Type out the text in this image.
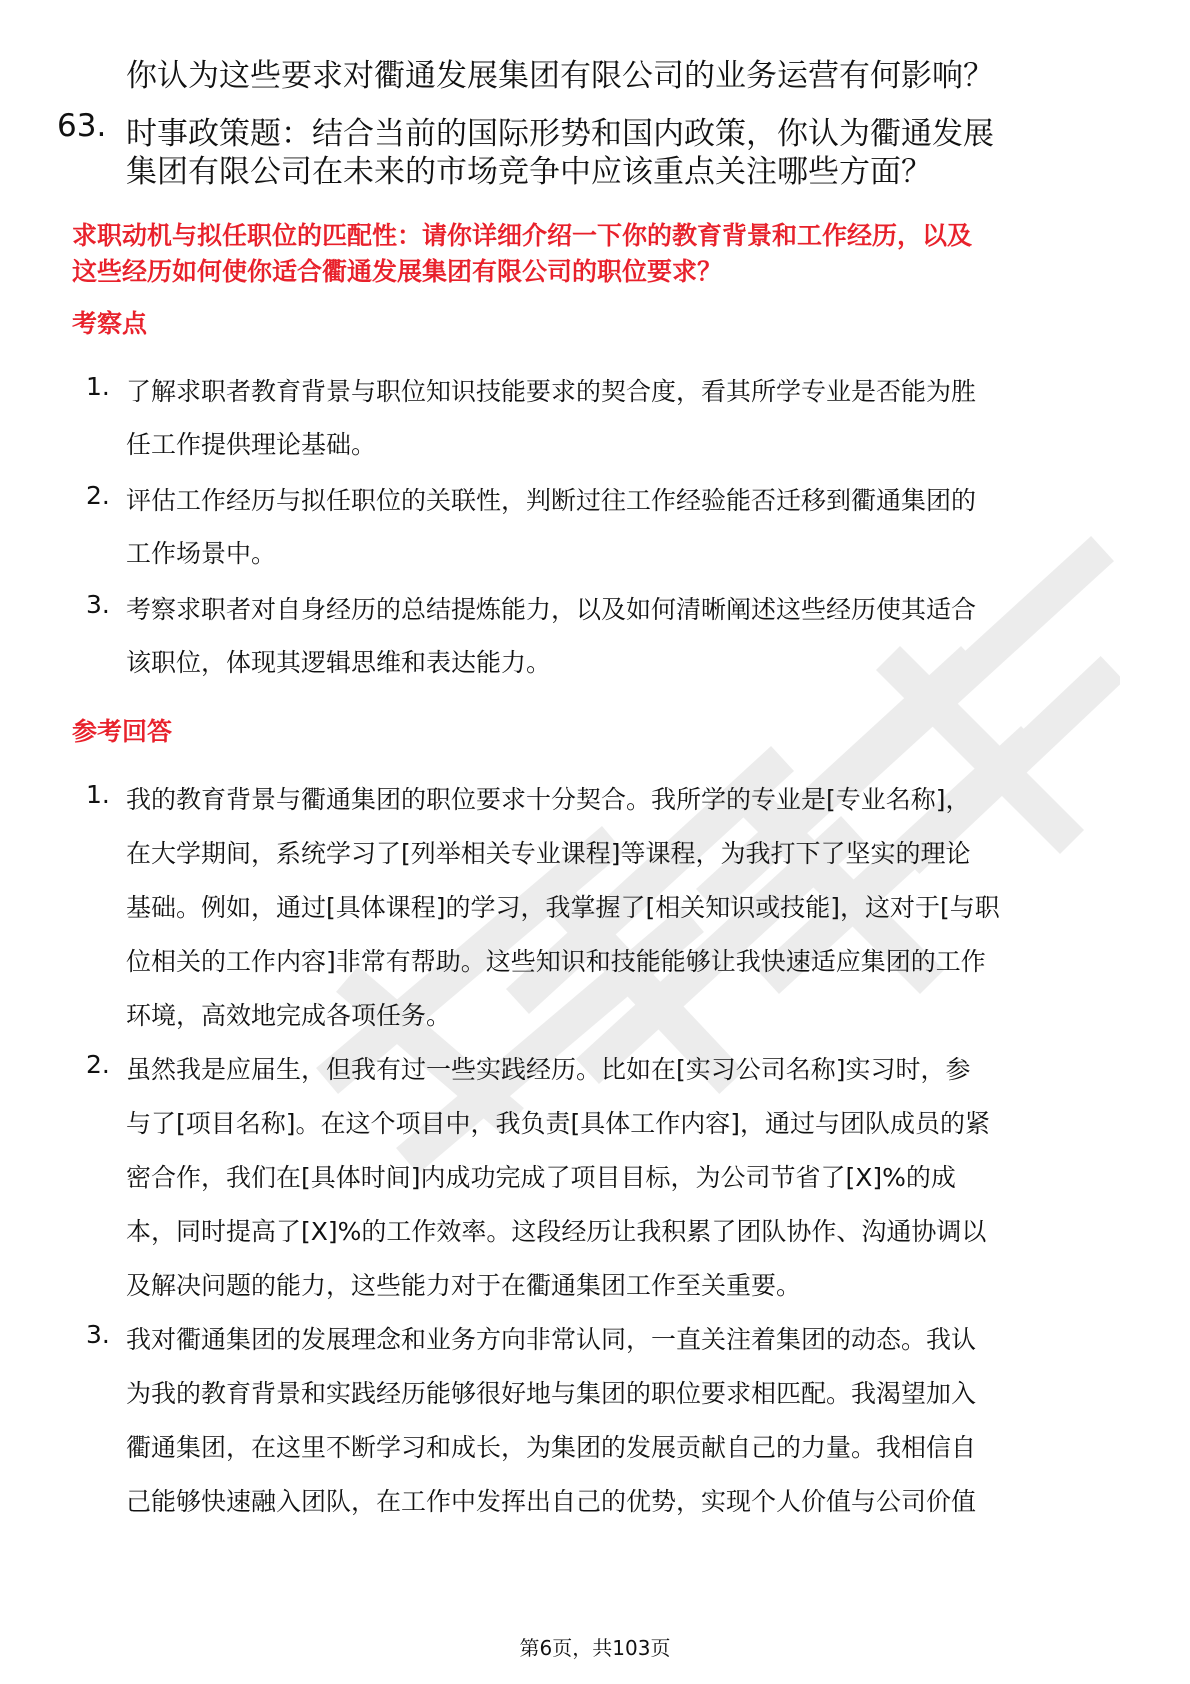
你认为这些要求对衢通发展集团有限公司的业务运营有何影响？
63. 时事政策题：结合当前的国际形势和国内政策，你认为衢通发展
集团有限公司在未来的市场竞争中应该重点关注哪些方面？
求职动机与拟任职位的匹配性：请你详细介绍一下你的教育背景和工作经历，以及
这些经历如何使你适合衢通发展集团有限公司的职位要求？
考察点
1. 了解求职者教育背景与职位知识技能要求的契合度，看其所学专业是否能为胜
任工作提供理论基础。
2. 评估工作经历与拟任职位的关联性，判断过往工作经验能否迁移到衢通集团的
工作场景中。
3. 考察求职者对自身经历的总结提炼能力，以及如何清晰阐述这些经历使其适合
该职位，体现其逻辑思维和表达能力。
参考回答
1. 我的教育背景与衢通集团的职位要求十分契合。我所学的专业是[专业名称]，
在大学期间，系统学习了[列举相关专业课程]等课程，为我打下了坚实的理论
基础。例如，通过[具体课程]的学习，我掌握了[相关知识或技能]，这对于[与职
位相关的工作内容]非常有帮助。这些知识和技能能够让我快速适应集团的工作
环境，高效地完成各项任务。
2. 虽然我是应届生，但我有过一些实践经历。比如在[实习公司名称]实习时，参
与了[项目名称]。在这个项目中，我负责[具体工作内容]，通过与团队成员的紧
密合作，我们在[具体时间]内成功完成了项目目标，为公司节省了[X]%的成
本，同时提高了[X]%的工作效率。这段经历让我积累了团队协作、沟通协调以
及解决问题的能力，这些能力对于在衢通集团工作至关重要。
3. 我对衢通集团的发展理念和业务方向非常认同，一直关注着集团的动态。我认
为我的教育背景和实践经历能够很好地与集团的职位要求相匹配。我渴望加入
衢通集团，在这里不断学习和成长，为集团的发展贡献自己的力量。我相信自
己能够快速融入团队，在工作中发挥出自己的优势，实现个人价值与公司价值
第6页，共103页
